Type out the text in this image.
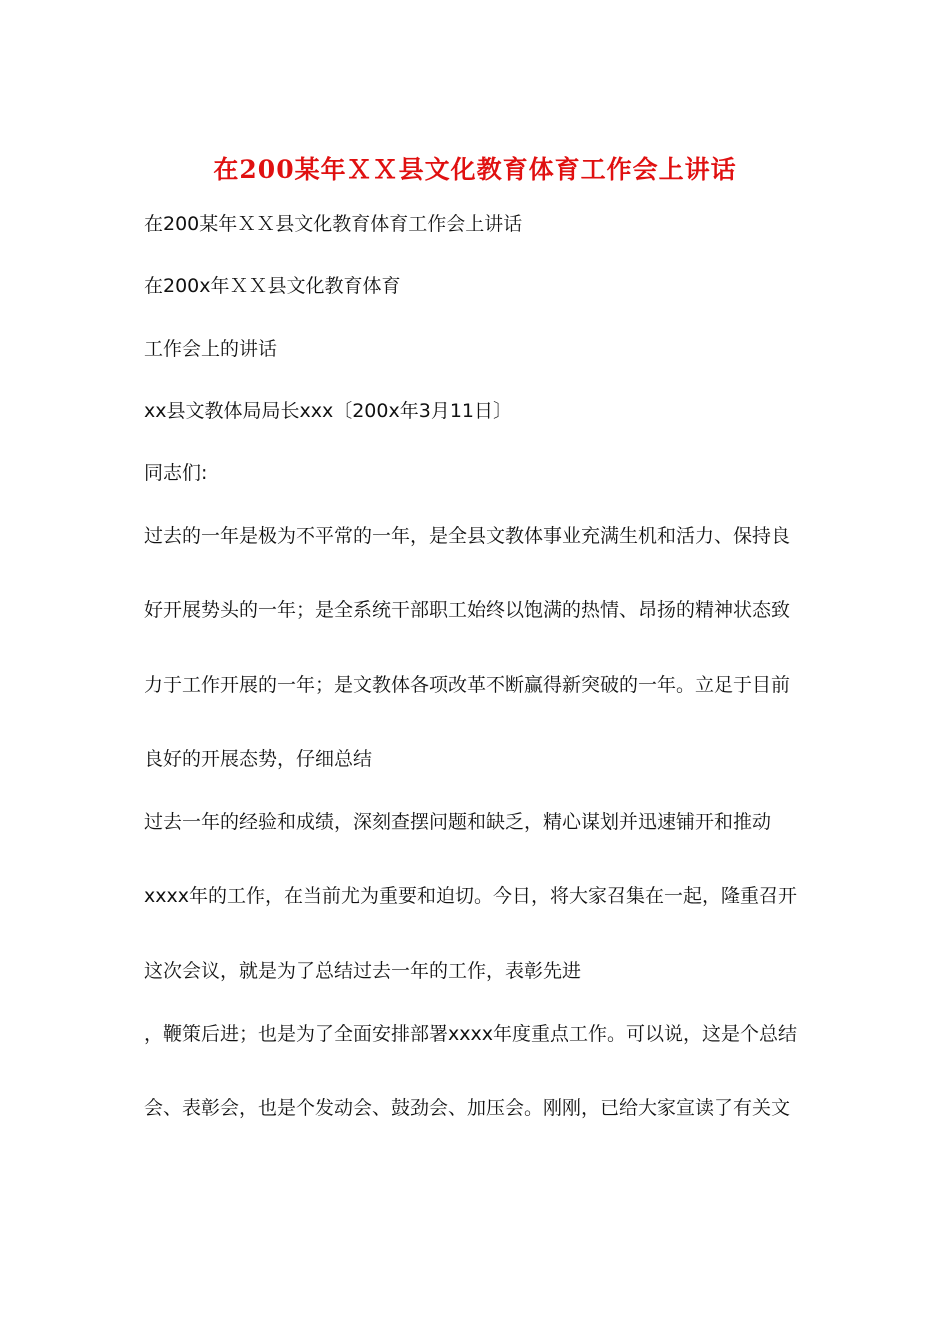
在200某年ＸＸ县文化教育体育工作会上讲话
在200某年ＸＸ县文化教育体育工作会上讲话
在200x年ＸＸ县文化教育体育
工作会上的讲话
xx县文教体局局长xxx〔200x年3月11日〕
同志们:
过去的一年是极为不平常的一年，是全县文教体事业充满生机和活力、保持良
好开展势头的一年；是全系统干部职工始终以饱满的热情、昂扬的精神状态致
力于工作开展的一年；是文教体各项改革不断赢得新突破的一年。立足于目前
良好的开展态势，仔细总结
过去一年的经验和成绩，深刻查摆问题和缺乏，精心谋划并迅速铺开和推动
xxxx年的工作，在当前尤为重要和迫切。今日，将大家召集在一起，隆重召开
这次会议，就是为了总结过去一年的工作，表彰先进
，鞭策后进；也是为了全面安排部署xxxx年度重点工作。可以说，这是个总结
会、表彰会，也是个发动会、鼓劲会、加压会。刚刚，已给大家宣读了有关文
